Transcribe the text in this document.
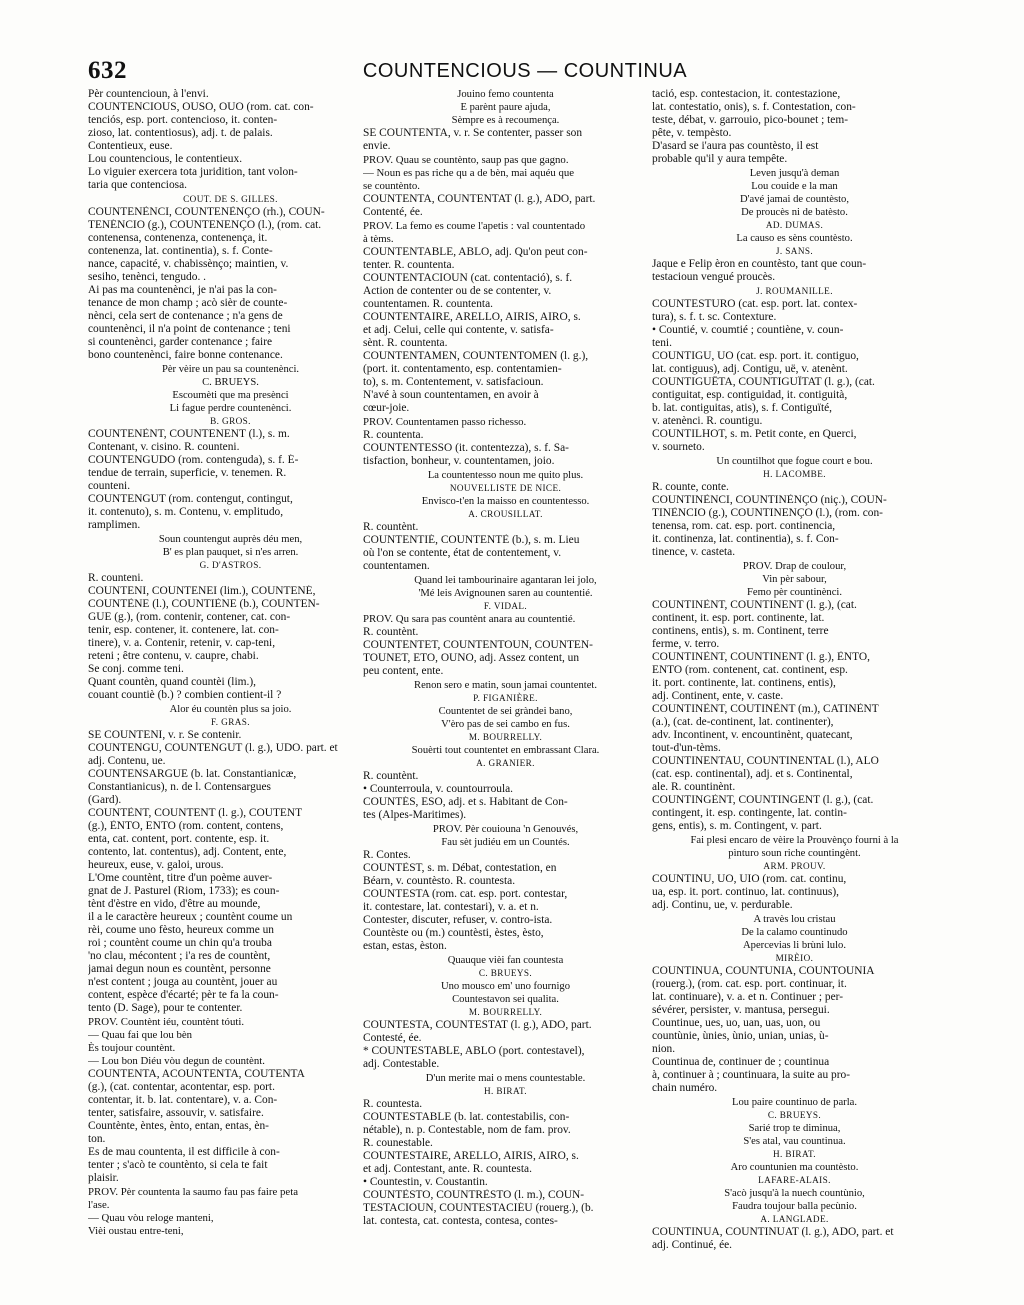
632	COUNTENCIOUS — COUNTINUA
Pèr countencioun, à l'envi.
COUNTENCIOUS, OUSO, OUO (rom. cat. con-
tenciós, esp. port. contencioso, it. conten-
zioso, lat. contentiosus), adj. t. de palais.
Contentieux, euse.
Lou countencious, le contentieux.
Lo viguier exercera tota juridition, tant volon-
taria que contenciosa.
COUT. DE S. GILLES.
COUNTENÈNCI, COUNTENÈNÇO (rh.), COUN-
TENÉNCIO (g.), COUNTENENÇO (l.), (rom. cat.
contenensa, contenenza, contenença, it.
contenenza, lat. continentia), s. f. Conte-
nance, capacité, v. chabissènço; maintien, v.
sesiho, tenènci, tengudo. .
Ai pas ma countenènci, je n'ai pas la con-
tenance de mon champ ; acò sièr de counte-
nènci, cela sert de contenance ; n'a gens de
countenènci, il n'a point de contenance ; teni
si countenènci, garder contenance ; faire
bono countenènci, faire bonne contenance.
Pèr vèire un pau sa countenènci.
C. BRUEYS.
Escoumèti que ma presènci
Li fague perdre countenènci.
B. GROS.
COUNTENÈNT, COUNTENENT (l.), s. m.
Contenant, v. cisino. R. counteni.
COUNTENGUDO (rom. contenguda), s. f. É-
tendue de terrain, superficie, v. tenemen. R.
counteni.
COUNTENGUT (rom. contengut, contingut,
it. contenuto), s. m. Contenu, v. emplitudo,
ramplimen.
Soun countengut auprès déu men,
B' es plan pauquet, si n'es arren.
G. D'ASTROS.
R. counteni.
COUNTENI, COUNTENEI (lim.), COUNTENÉ,
COUNTÈNE (l.), COUNTIÈNE (b.), COUNTEN-
GUE (g.), (rom. contenir, contener, cat. con-
tenir, esp. contener, it. contenere, lat. con-
tinere), v. a. Contenir, retenir, v. cap-teni,
reteni ; être contenu, v. caupre, chabi.
Se conj. comme teni.
Quant countèn, quand countèi (lim.),
couant countiè (b.) ? combien contient-il ?
Alor éu countèn plus sa joio.
F. GRAS.
SE COUNTENI, v. r. Se contenir.
COUNTENGU, COUNTENGUT (l. g.), UDO. part. et
adj. Contenu, ue.
COUNTENSARGUE (b. lat. Constantianicæ,
Constantianicus), n. de l. Contensargues
(Gard).
COUNTÈNT, COUNTENT (l. g.), COUTENT
(g.), ÈNTO, ENTO (rom. content, contens,
enta, cat. content, port. contente, esp. it.
contento, lat. contentus), adj. Content, ente,
heureux, euse, v. galoi, urous.
L'Ome countènt, titre d'un poème auver-
gnat de J. Pasturel (Riom, 1733); es coun-
tènt d'èstre en vido, d'être au mounde,
il a le caractère heureux ; countènt coume un
rèi, coume uno fèsto, heureux comme un
roi ; countènt coume un chin qu'a trouba
'no clau, mécontent ; i'a res de countènt,
jamai degun noun es countènt, personne
n'est content ; jouga au countènt, jouer au
content, espèce d'écarté; pèr te fa la coun-
tento (D. Sage), pour te contenter.
PROV. Countènt iéu, countènt tóuti.
— Quau fai que lou bèn
Ès toujour countènt.
— Lou bon Diéu vòu degun de countènt.
COUNTENTA, ACOUNTENTA, COUTENTA
(g.), (cat. contentar, acontentar, esp. port.
contentar, it. b. lat. contentare), v. a. Con-
tenter, satisfaire, assouvir, v. satisfaire.
Countènte, èntes, ènto, entan, entas, èn-
ton.
Es de mau countenta, il est difficile à con-
tenter ; s'acò te countènto, si cela te fait
plaisir.
PROV. Pèr countenta la saumo fau pas faire peta
l'ase.
— Quau vòu reloge manteni,
Vièi oustau entre-teni,
Jouino femo countenta
E parènt paure ajuda,
Sèmpre es à recoumença.
SE COUNTENTA, v. r. Se contenter, passer son
envie.
PROV. Quau se countènto, saup pas que gagno.
— Noun es pas riche qu a de bèn, mai aquéu que
se countènto.
COUNTENTA, COUNTENTAT (l. g.), ADO, part.
Contenté, ée.
PROV. La femo es coume l'apetis : val countentado
à tèms.
COUNTENTABLE, ABLO, adj. Qu'on peut con-
tenter. R. countenta.
COUNTENTACIOUN (cat. contentació), s. f.
Action de contenter ou de se contenter, v.
countentamen. R. countenta.
COUNTENTAIRE, ARELLO, AIRIS, AIRO, s.
et adj. Celui, celle qui contente, v. satisfa-
sènt. R. countenta.
COUNTENTAMEN, COUNTENTOMEN (l. g.),
(port. it. contentamento, esp. contentamien-
to), s. m. Contentement, v. satisfacioun.
N'avé à soun countentamen, en avoir à
cœur-joie.
PROV. Countentamen passo richesso.
R. countenta.
COUNTENTESSO (it. contentezza), s. f. Sa-
tisfaction, bonheur, v. countentamen, joio.
La countentesso noun me quito plus.
NOUVELLISTE DE NICE.
Envisco-t'en la maisso en countentesso.
A. CROUSILLAT.
R. countènt.
COUNTENTIÉ, COUNTENTÈ (b.), s. m. Lieu
où l'on se contente, état de contentement, v.
countentamen.
Quand lei tambourinaire agantaran lei jolo,
'Mé leis Avignounen saren au countentié.
F. VIDAL.
PROV. Qu sara pas countènt anara au countentié.
R. countènt.
COUNTENTET, COUNTENTOUN, COUNTEN-
TOUNET, ETO, OUNO, adj. Assez content, un
peu content, ente.
Renon sero e matin, soun jamai countentet.
P. FIGANIÈRE.
Countentet de sei gràndei bano,
V'èro pas de sei cambo en fus.
M. BOURRELLY.
Souèrti tout countentet en embrassant Clara.
A. GRANIER.
R. countènt.
• Counterroula, v. countourroula.
COUNTÉS, ESO, adj. et s. Habitant de Con-
tes (Alpes-Maritimes).
PROV. Pèr couiouna 'n Genouvés,
Fau sèt judiéu em un Countés.
R. Contes.
COUNTÈST, s. m. Débat, contestation, en
Béarn, v. countèsto. R. countesta.
COUNTESTA (rom. cat. esp. port. contestar,
it. contestare, lat. contestari), v. a. et n.
Contester, discuter, refuser, v. contro-ista.
Countèste ou (m.) countèsti, èstes, èsto,
estan, estas, èston.
Quauque vièi fan countesta
C. BRUEYS.
Uno mousco em' uno fournigo
Countestavon sei qualita.
M. BOURRELLY.
COUNTESTA, COUNTESTAT (l. g.), ADO, part.
Contesté, ée.
* COUNTESTABLE, ABLO (port. contestavel),
adj. Contestable.
D'un merite mai o mens countestable.
H. BIRAT.
R. countesta.
COUNTESTABLE (b. lat. contestabilis, con-
nétable), n. p. Contestable, nom de fam. prov.
R. counestable.
COUNTESTAIRE, ARELLO, AIRIS, AIRO, s.
et adj. Contestant, ante. R. countesta.
• Countestin, v. Coustantin.
COUNTÈSTO, COUNTRÈSTO (l. m.), COUN-
TESTACIOUN, COUNTESTACIÉU (rouerg.), (b.
lat. contesta, cat. contesta, contesa, contes-
tació, esp. contestacion, it. contestazione,
lat. contestatio, onis), s. f. Contestation, con-
teste, débat, v. garrouio, pico-bounet ; tem-
pête, v. tempèsto.
D'asard se i'aura pas countèsto, il est
probable qu'il y aura tempête.
Leven jusqu'à deman
Lou couide e la man
D'avé jamai de countèsto,
De proucès ni de batèsto.
AD. DUMAS.
La causo es sèns countèsto.
J. SANS.
Jaque e Felip èron en countèsto, tant que coun-
testacioun vengué proucès.
J. ROUMANILLE.
COUNTESTURO (cat. esp. port. lat. contex-
tura), s. f. t. sc. Contexture.
• Countié, v. coumtié ; countiène, v. coun-
teni.
COUNTIGU, UO (cat. esp. port. it. contiguo,
lat. contiguus), adj. Contigu, uë, v. atenènt.
COUNTIGUËTA, COUNTIGUÏTAT (l. g.), (cat.
contiguitat, esp. contiguidad, it. contiguità,
b. lat. contiguitas, atis), s. f. Contiguïté,
v. atenènci. R. countigu.
COUNTILHOT, s. m. Petit conte, en Querci,
v. sourneto.
Un countilhot que fogue court e bou.
H. LACOMBE.
R. counte, conte.
COUNTINÈNCI, COUNTINÈNÇO (niç.), COUN-
TINÈNCIO (g.), COUNTINENÇO (l.), (rom. con-
tenensa, rom. cat. esp. port. continencia,
it. continenza, lat. continentia), s. f. Con-
tinence, v. casteta.
PROV. Drap de coulour,
Vin pèr sabour,
Femo pèr countinènci.
COUNTINÈNT, COUNTINENT (l. g.), (cat.
continent, it. esp. port. continente, lat.
continens, entis), s. m. Continent, terre
ferme, v. terro.
COUNTINÈNT, COUNTINENT (l. g.), ÈNTO,
ENTO (rom. contenent, cat. continent, esp.
it. port. continente, lat. continens, entis),
adj. Continent, ente, v. caste.
COUNTINÈNT, COUTINÈNT (m.), CATINÈNT
(a.), (cat. de-continent, lat. continenter),
adv. Incontinent, v. encountinènt, quatecant,
tout-d'un-tèms.
COUNTINENTAU, COUNTINENTAL (l.), ALO
(cat. esp. continental), adj. et s. Continental,
ale. R. countinènt.
COUNTINGÈNT, COUNTINGENT (l. g.), (cat.
contingent, it. esp. contingente, lat. contin-
gens, entis), s. m. Contingent, v. part.
Fai plesi encaro de vèire la Prouvènço fourni à la
pìnturo soun riche countingènt.
ARM. PROUV.
COUNTINU, UO, UIO (rom. cat. continu,
ua, esp. it. port. continuo, lat. continuus),
adj. Continu, ue, v. perdurable.
A travès lou cristau
De la calamo countinudo
Apercevias li brùni lulo.
MIRÈIO.
COUNTINUA, COUNTUNIA, COUNTOUNIA
(rouerg.), (rom. cat. esp. port. continuar, it.
lat. continuare), v. a. et n. Continuer ; per-
sévérer, persister, v. mantusa, persegui.
Countinue, ues, uo, uan, uas, uon, ou
countùnie, ùnies, ùnio, unian, unias, ù-
nion.
Countinua de, continuer de ; countinua
à, continuer à ; countinuara, la suite au pro-
chain numéro.
Lou paire countinuo de parla.
C. BRUEYS.
Sarié trop te diminua,
S'es atal, vau countinua.
H. BIRAT.
Aro countunien ma countèsto.
LAFARE-ALAIS.
S'acò jusqu'à la nuech countùnio,
Faudra toujour balla pecùnio.
A. LANGLADE.
COUNTINUA, COUNTINUAT (l. g.), ADO, part. et
adj. Continué, ée.
